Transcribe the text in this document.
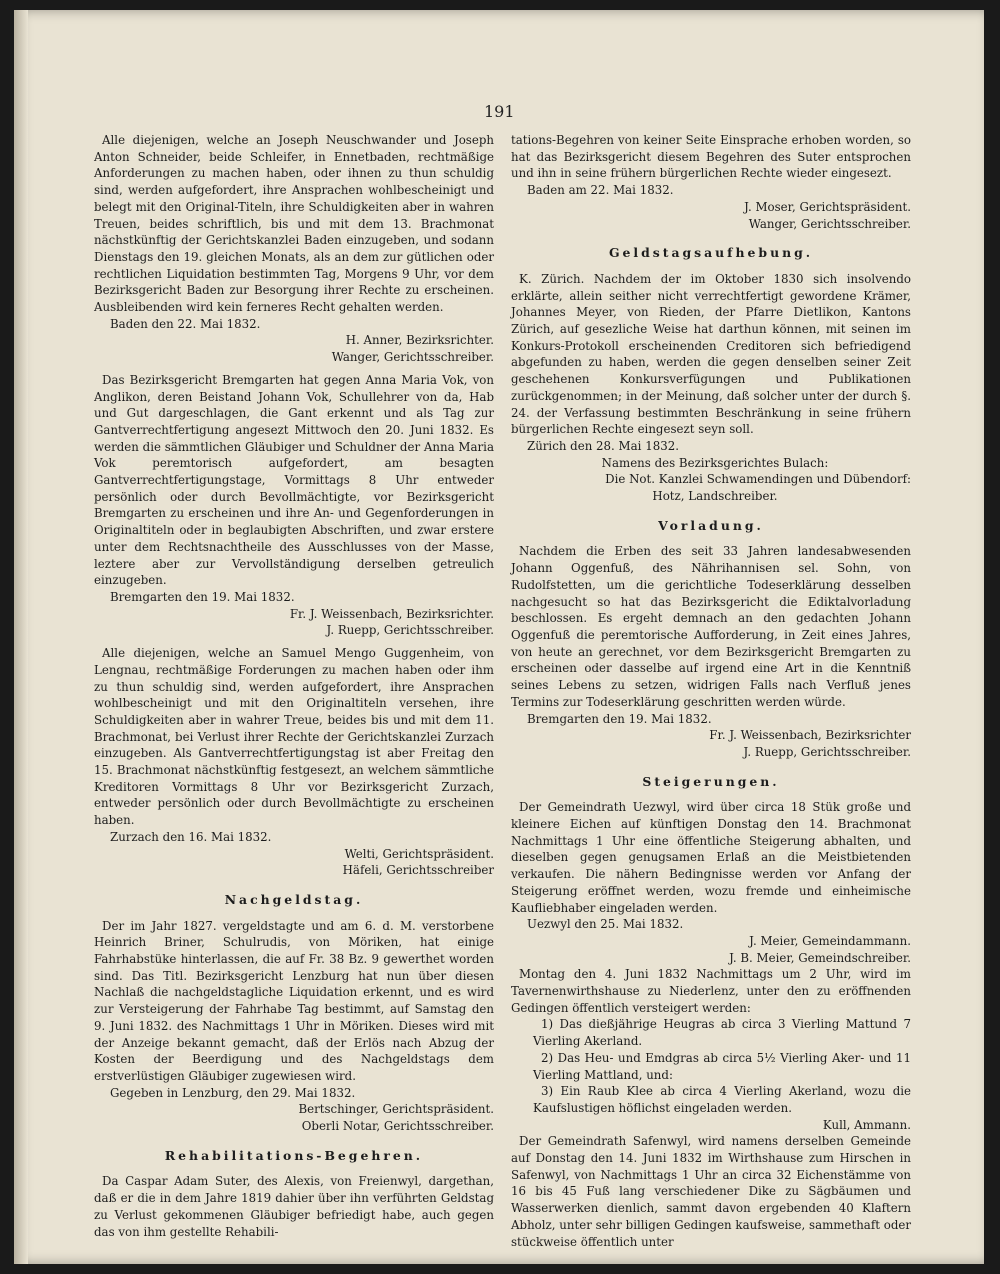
191

Alle diejenigen, welche an Joseph Neuschwander und Joseph Anton Schneider, beide Schleifer, in Ennetbaden, rechtmäßige Anforderungen zu machen haben, oder ihnen zu thun schuldig sind, werden aufgefordert, ihre Ansprachen wohlbescheinigt und belegt mit den Original-Titeln, ihre Schuldigkeiten aber in wahren Treuen, beides schriftlich, bis und mit dem 13. Brachmonat nächstkünftig der Gerichtskanzlei Baden einzugeben, und sodann Dienstags den 19. gleichen Monats, als an dem zur gütlichen oder rechtlichen Liquidation bestimmten Tag, Morgens 9 Uhr, vor dem Bezirksgericht Baden zur Besorgung ihrer Rechte zu erscheinen. Ausbleibenden wird kein ferneres Recht gehalten werden.

Baden den 22. Mai 1832.

H. Anner, Bezirksrichter.

Wanger, Gerichtsschreiber.

Das Bezirksgericht Bremgarten hat gegen Anna Maria Vok, von Anglikon, deren Beistand Johann Vok, Schullehrer von da, Hab und Gut dargeschlagen, die Gant erkennt und als Tag zur Gantverrechtfertigung angesezt Mittwoch den 20. Juni 1832. Es werden die sämmtlichen Gläubiger und Schuldner der Anna Maria Vok peremtorisch aufgefordert, am besagten Gantverrechtfertigungstage, Vormittags 8 Uhr entweder persönlich oder durch Bevollmächtigte, vor Bezirksgericht Bremgarten zu erscheinen und ihre An- und Gegenforderungen in Originaltiteln oder in beglaubigten Abschriften, und zwar erstere unter dem Rechtsnachtheile des Ausschlusses von der Masse, leztere aber zur Vervollständigung derselben getreulich einzugeben.

Bremgarten den 19. Mai 1832.

Fr. J. Weissenbach, Bezirksrichter.

J. Ruepp, Gerichtsschreiber.

Alle diejenigen, welche an Samuel Mengo Guggenheim, von Lengnau, rechtmäßige Forderungen zu machen haben oder ihm zu thun schuldig sind, werden aufgefordert, ihre Ansprachen wohlbescheinigt und mit den Originaltiteln versehen, ihre Schuldigkeiten aber in wahrer Treue, beides bis und mit dem 11. Brachmonat, bei Verlust ihrer Rechte der Gerichtskanzlei Zurzach einzugeben. Als Gantverrechtfertigungstag ist aber Freitag den 15. Brachmonat nächstkünftig festgesezt, an welchem sämmtliche Kreditoren Vormittags 8 Uhr vor Bezirksgericht Zurzach, entweder persönlich oder durch Bevollmächtigte zu erscheinen haben.

Zurzach den 16. Mai 1832.

Welti, Gerichtspräsident.

Häfeli, Gerichtsschreiber

Nachgeldstag.

Der im Jahr 1827. vergeldstagte und am 6. d. M. verstorbene Heinrich Briner, Schulrudis, von Möriken, hat einige Fahrhabstüke hinterlassen, die auf Fr. 38 Bz. 9 gewerthet worden sind. Das Titl. Bezirksgericht Lenzburg hat nun über diesen Nachlaß die nachgeldstagliche Liquidation erkennt, und es wird zur Versteigerung der Fahrhabe Tag bestimmt, auf Samstag den 9. Juni 1832. des Nachmittags 1 Uhr in Möriken. Dieses wird mit der Anzeige bekannt gemacht, daß der Erlös nach Abzug der Kosten der Beerdigung und des Nachgeldstags dem erstverlüstigen Gläubiger zugewiesen wird.

Gegeben in Lenzburg, den 29. Mai 1832.

Bertschinger, Gerichtspräsident.

Oberli Notar, Gerichtsschreiber.

Rehabilitations-Begehren.

Da Caspar Adam Suter, des Alexis, von Freienwyl, dargethan, daß er die in dem Jahre 1819 dahier über ihn verführten Geldstag zu Verlust gekommenen Gläubiger befriedigt habe, auch gegen das von ihm gestellte Rehabili-

tations-Begehren von keiner Seite Einsprache erhoben worden, so hat das Bezirksgericht diesem Begehren des Suter entsprochen und ihn in seine frühern bürgerlichen Rechte wieder eingesezt.

Baden am 22. Mai 1832.

J. Moser, Gerichtspräsident.

Wanger, Gerichtsschreiber.

Geldstagsaufhebung.

K. Zürich. Nachdem der im Oktober 1830 sich insolvendo erklärte, allein seither nicht verrechtfertigt gewordene Krämer, Johannes Meyer, von Rieden, der Pfarre Dietlikon, Kantons Zürich, auf gesezliche Weise hat darthun können, mit seinen im Konkurs-Protokoll erscheinenden Creditoren sich befriedigend abgefunden zu haben, werden die gegen denselben seiner Zeit geschehenen Konkursverfügungen und Publikationen zurückgenommen; in der Meinung, daß solcher unter der durch §. 24. der Verfassung bestimmten Beschränkung in seine frühern bürgerlichen Rechte eingesezt seyn soll.

Zürich den 28. Mai 1832.

Namens des Bezirksgerichtes Bulach:

Die Not. Kanzlei Schwamendingen und Dübendorf:

Hotz, Landschreiber.

Vorladung.

Nachdem die Erben des seit 33 Jahren landesabwesenden Johann Oggenfuß, des Nährihannisen sel. Sohn, von Rudolfstetten, um die gerichtliche Todeserklärung desselben nachgesucht so hat das Bezirksgericht die Ediktalvorladung beschlossen. Es ergeht demnach an den gedachten Johann Oggenfuß die peremtorische Aufforderung, in Zeit eines Jahres, von heute an gerechnet, vor dem Bezirksgericht Bremgarten zu erscheinen oder dasselbe auf irgend eine Art in die Kenntniß seines Lebens zu setzen, widrigen Falls nach Verfluß jenes Termins zur Todeserklärung geschritten werden würde.

Bremgarten den 19. Mai 1832.

Fr. J. Weissenbach, Bezirksrichter

J. Ruepp, Gerichtsschreiber.

Steigerungen.

Der Gemeindrath Uezwyl, wird über circa 18 Stük große und kleinere Eichen auf künftigen Donstag den 14. Brachmonat Nachmittags 1 Uhr eine öffentliche Steigerung abhalten, und dieselben gegen genugsamen Erlaß an die Meistbietenden verkaufen. Die nähern Bedingnisse werden vor Anfang der Steigerung eröffnet werden, wozu fremde und einheimische Kaufliebhaber eingeladen werden.

Uezwyl den 25. Mai 1832.

J. Meier, Gemeindammann.

J. B. Meier, Gemeindschreiber.

Montag den 4. Juni 1832 Nachmittags um 2 Uhr, wird im Tavernenwirthshause zu Niederlenz, unter den zu eröffnenden Gedingen öffentlich versteigert werden:

1) Das dießjährige Heugras ab circa 3 Vierling Mattund 7 Vierling Akerland.

2) Das Heu- und Emdgras ab circa 5½ Vierling Aker- und 11 Vierling Mattland, und:

3) Ein Raub Klee ab circa 4 Vierling Akerland, wozu die Kaufslustigen höflichst eingeladen werden.

Kull, Ammann.

Der Gemeindrath Safenwyl, wird namens derselben Gemeinde auf Donstag den 14. Juni 1832 im Wirthshause zum Hirschen in Safenwyl, von Nachmittags 1 Uhr an circa 32 Eichenstämme von 16 bis 45 Fuß lang verschiedener Dike zu Sägbäumen und Wasserwerken dienlich, sammt davon ergebenden 40 Klaftern Abholz, unter sehr billigen Gedingen kaufsweise, sammethaft oder stückweise öffentlich unter
